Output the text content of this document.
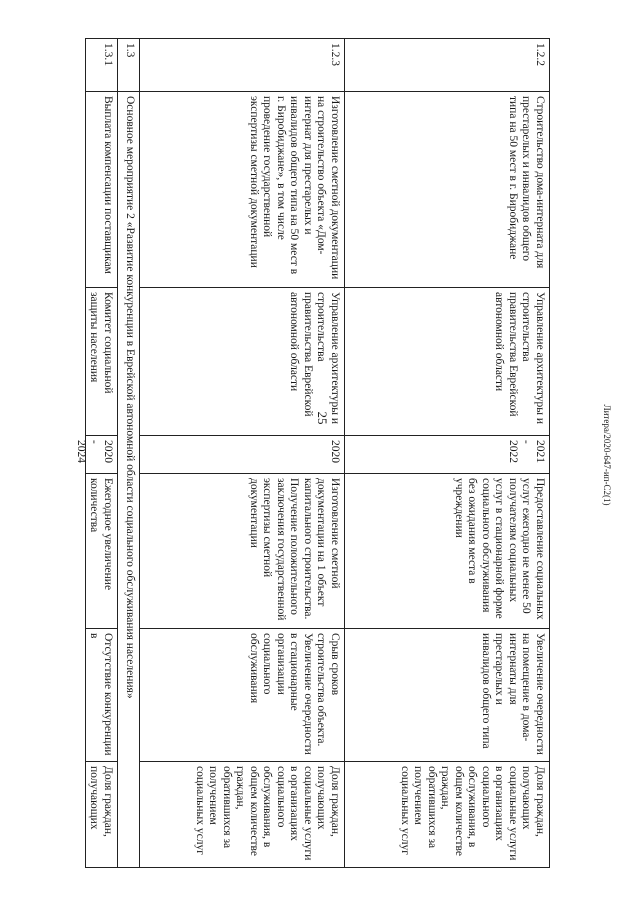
25	Литера/2020-647-ип-С2(1)
1.2.2
Строительство дома-интерната для престарелых и инвалидов общего типа на 50 мест в г. Биробиджане
Управление архитектуры и строительства правительства Еврейской автономной области
2021 - 2022
Предоставление социальных услуг ежегодно не менее 50 получателям социальных услуг в стационарной форме социального обслуживания без ожидания места в учреждении
Увеличение очередности на помещение в дома-интернаты для престарелых и инвалидов общего типа
Доля граждан, получающих социальные услуги в организациях социального обслуживания, в общем количестве граждан, обратившихся за получением социальных услуг
1.2.3
Изготовление сметной документации на строительство объекта «Дом-интернат для престарелых и инвалидов общего типа на 50 мест в г. Биробиджане», в том числе проведение государственной экспертизы сметной документации
Управление архитектуры и строительства правительства Еврейской автономной области
2020
Изготовление сметной документации на 1 объект капитального строительства. Получение положительного заключения государственной экспертизы сметной документации
Срыв сроков строительства объекта. Увеличение очередности в стационарные организации социального обслуживания
Доля граждан, получающих социальные услуги в организациях социального обслуживания, в общем количестве граждан, обратившихся за получением социальных услуг
1.3
Основное мероприятие 2 «Развитие конкуренции в Еврейской автономной области социального обслуживания населения»
1.3.1
Выплата компенсации поставщикам
Комитет социальной защиты населения
2020 - 2024
Ежегодное увеличение количества
Отсутствие конкуренции в
Доля граждан, получающих
